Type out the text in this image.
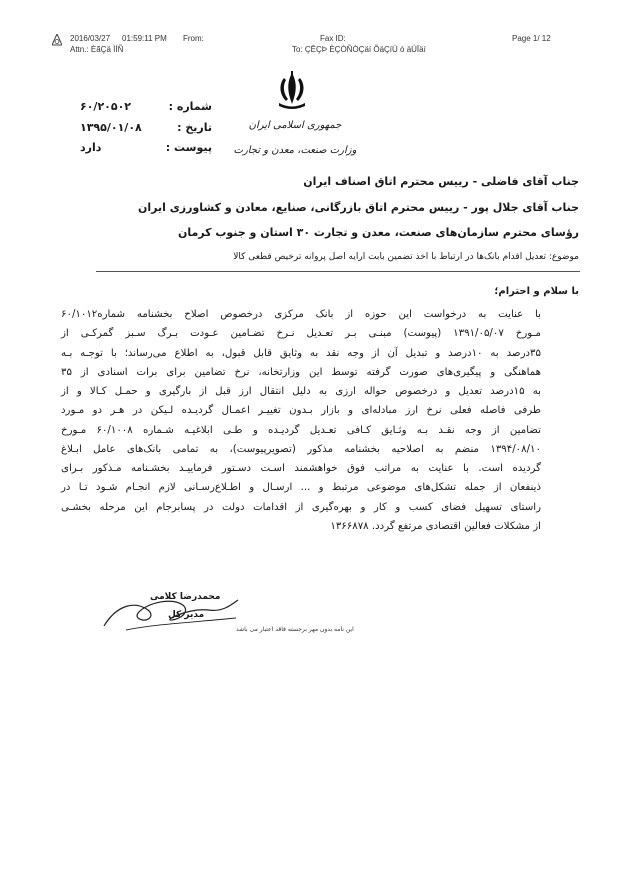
2016/03/27 01:59:11 PM From:	Fax ID:	Page 1/ 12
Attn.: ÈãÇä ÌÍÑ	To: ÇÊÇÞ ÈÇÒÑÒÇäí ÕäÇíÚ ò äÚÏäí
جمهوری اسلامی ایران
وزارت صنعت، معدن و تجارت
شماره :۶۰/۲۰۵۰۲
تاریخ :۱۳۹۵/۰۱/۰۸
پیوست :دارد
جناب آقای فاضلی - رییس محترم اتاق اصناف ایران
جناب آقای جلال پور - رییس محترم اتاق بازرگانی، صنایع، معادن و کشاورزی ایران
رؤسای محترم سازمان‌های صنعت، معدن و تجارت ۳۰ استان و جنوب کرمان
موضوع: تعدیل اقدام بانک‌ها در ارتباط با اخذ تضمین بابت ارایه اصل پروانه ترخیص قطعی کالا
با سلام و احترام؛
با عنایت به درخواست این حوزه از بانک مرکزی درخصوص اصلاح بخشنامه شماره۶۰/۱۰۱۲
مـورخ ۱۳۹۱/۰۵/۰۷ (پیوست) مبنـی بـر تعـدیل نـرخ تضـامین عـودت بـرگ سـبز گمرکـی از
۳۵درصد به ۱۰درصد و تبدیل آن از وجه نقد به وثایق قابل قبول، به اطلاع می‌رساند؛ با توجـه بـه
هماهنگی و پیگیری‌های صورت گرفته توسط این وزارتخانه، نرخ تضامین برای برات اسنادی از ۳۵
به ۱۵درصد تعدیل و درخصوص حواله ارزی به دلیل انتقال ارز قبل از بارگیری و حمـل کـالا و از
طرفی فاصله فعلی نرخ ارز مبادله‌ای و بازار بـدون تغییـر اعمـال گردیـده لـیکن در هـر دو مـورد
تضامین از وجه نقـد بـه وثـایق کـافی تعـدیل گردیـده و طـی ابلاغیـه شـماره ۶۰/۱۰۰۸ مـورخ
۱۳۹۴/۰۸/۱۰ منضم به اصلاحیه بخشنامه مذکور (تصویرپیوست)، به تمامی بانک‌های عامل ابـلاغ
گردیده است. با عنایت به مراتب فوق خواهشمند اسـت دسـتور فرماییـد بخشـنامه مـذکور بـرای
ذینفعان از جمله تشکل‌های موضوعی مرتبط و ... ارسـال و اطـلاع‌رسـانی لازم انجـام شـود تـا در
راستای تسهیل فضای کسب و کار و بهره‌گیری از اقدامات دولت در پسابرجام این مرحله بخشـی
از مشکلات فعالین اقتصادی مرتفع گردد. ۱۳۶۶۸۷۸
محمدرضا کلامی
مدیر کل
این نامه بدون مهر برجسته فاقد اعتبار می باشد
